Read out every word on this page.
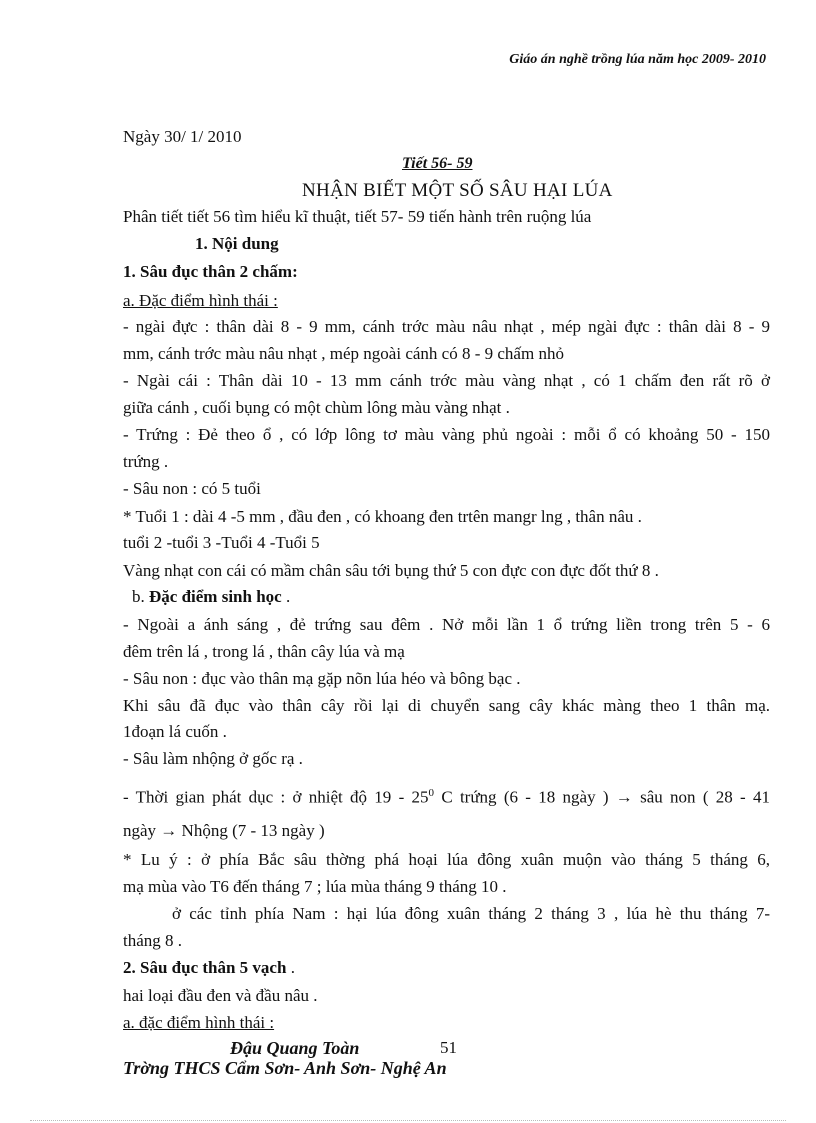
Giáo án nghề trồng lúa năm học 2009- 2010
Ngày 30/ 1/ 2010
Tiết 56- 59
NHẬN BIẾT MỘT SỐ SÂU HẠI LÚA
Phân tiết tiết 56 tìm hiểu kĩ thuật, tiết 57- 59 tiến hành trên ruộng lúa
1. Nội dung
1. Sâu đục thân 2 chấm:
a. Đặc điểm hình thái :
- ngài đực : thân dài 8 - 9 mm, cánh trớc màu nâu nhạt , mép ngài đực : thân dài 8 - 9
mm, cánh trớc màu nâu nhạt , mép ngoài cánh có 8 - 9 chấm nhỏ
- Ngài cái : Thân dài 10 - 13 mm cánh trớc màu vàng nhạt , có 1 chấm đen rất rõ ở
giữa cánh , cuối bụng có một chùm lông màu vàng nhạt .
- Trứng : Đẻ theo ổ , có lớp lông tơ màu vàng phủ ngoài : mỗi ổ có khoảng 50 - 150
trứng .
- Sâu non : có 5 tuổi
* Tuổi 1 : dài 4 -5 mm , đầu đen , có khoang đen trtên mangr lng , thân nâu .
tuổi 2 -tuổi 3 -Tuổi 4 -Tuổi 5
Vàng nhạt con cái có mầm chân sâu tới bụng thứ 5 con đực con đực đốt thứ 8 .
b. Đặc điểm sinh học .
- Ngoài a ánh sáng , đẻ trứng sau đêm . Nở mỗi lần 1 ổ trứng liền trong trên 5 - 6
đêm trên lá , trong lá , thân cây lúa và mạ
- Sâu non : đục vào thân mạ gặp nõn lúa héo và bông bạc .
Khi sâu đã đục vào thân cây rồi lại di chuyển sang cây khác màng theo 1 thân mạ.
1đoạn lá cuốn .
- Sâu làm nhộng ở gốc rạ .
- Thời gian phát dục : ở nhiệt độ $19 - 25^0$ C trứng (6 - 18 ngày ) → sâu non ( 28 - 41
ngày → Nhộng (7 - 13 ngày )
* Lu ý : ở phía Bắc sâu thờng phá hoại lúa đông xuân muộn vào tháng 5 tháng 6,
mạ mùa vào T6 đến tháng 7 ; lúa mùa tháng 9 tháng 10 .
ở các tỉnh phía Nam : hại lúa đông xuân tháng 2 tháng 3 , lúa hè thu tháng 7-
tháng 8 .
2. Sâu đục thân 5 vạch .
hai loại đầu đen và đầu nâu .
a. đặc điểm hình thái :
Đậu Quang Toàn	51
Trờng THCS Cẩm Sơn- Anh Sơn- Nghệ An
